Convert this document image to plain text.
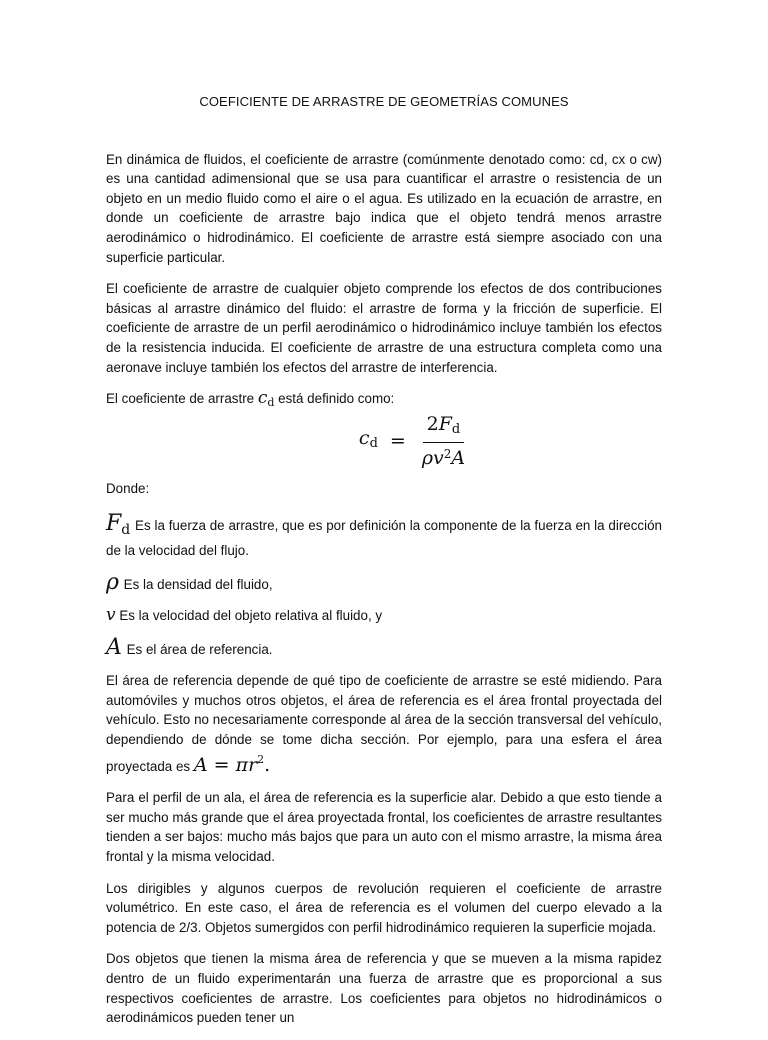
COEFICIENTE DE ARRASTRE DE GEOMETRÍAS COMUNES

En dinámica de fluidos, el coeficiente de arrastre (comúnmente denotado como: cd, cx o cw) es una cantidad adimensional que se usa para cuantificar el arrastre o resistencia de un objeto en un medio fluido como el aire o el agua. Es utilizado en la ecuación de arrastre, en donde un coeficiente de arrastre bajo indica que el objeto tendrá menos arrastre aerodinámico o hidrodinámico. El coeficiente de arrastre está siempre asociado con una superficie particular.

El coeficiente de arrastre de cualquier objeto comprende los efectos de dos contribuciones básicas al arrastre dinámico del fluido: el arrastre de forma y la fricción de superficie. El coeficiente de arrastre de un perfil aerodinámico o hidrodinámico incluye también los efectos de la resistencia inducida. El coeficiente de arrastre de una estructura completa como una aeronave incluye también los efectos del arrastre de interferencia.

El coeficiente de arrastre $c_d$ está definido como:

$c_d = \frac{2F_d}{\rho v^2A}$

Donde:

$F_d$ Es la fuerza de arrastre, que es por definición la componente de la fuerza en la dirección de la velocidad del flujo.

ρ Es la densidad del fluido,

v Es la velocidad del objeto relativa al fluido, y

A Es el área de referencia.

El área de referencia depende de qué tipo de coeficiente de arrastre se esté midiendo. Para automóviles y muchos otros objetos, el área de referencia es el área frontal proyectada del vehículo. Esto no necesariamente corresponde al área de la sección transversal del vehículo, dependiendo de dónde se tome dicha sección. Por ejemplo, para una esfera el área proyectada es $A = \pi r^2$.

Para el perfil de un ala, el área de referencia es la superficie alar. Debido a que esto tiende a ser mucho más grande que el área proyectada frontal, los coeficientes de arrastre resultantes tienden a ser bajos: mucho más bajos que para un auto con el mismo arrastre, la misma área frontal y la misma velocidad.

Los dirigibles y algunos cuerpos de revolución requieren el coeficiente de arrastre volumétrico. En este caso, el área de referencia es el volumen del cuerpo elevado a la potencia de 2/3. Objetos sumergidos con perfil hidrodinámico requieren la superficie mojada.

Dos objetos que tienen la misma área de referencia y que se mueven a la misma rapidez dentro de un fluido experimentarán una fuerza de arrastre que es proporcional a sus respectivos coeficientes de arrastre. Los coeficientes para objetos no hidrodinámicos o aerodinámicos pueden tener un
